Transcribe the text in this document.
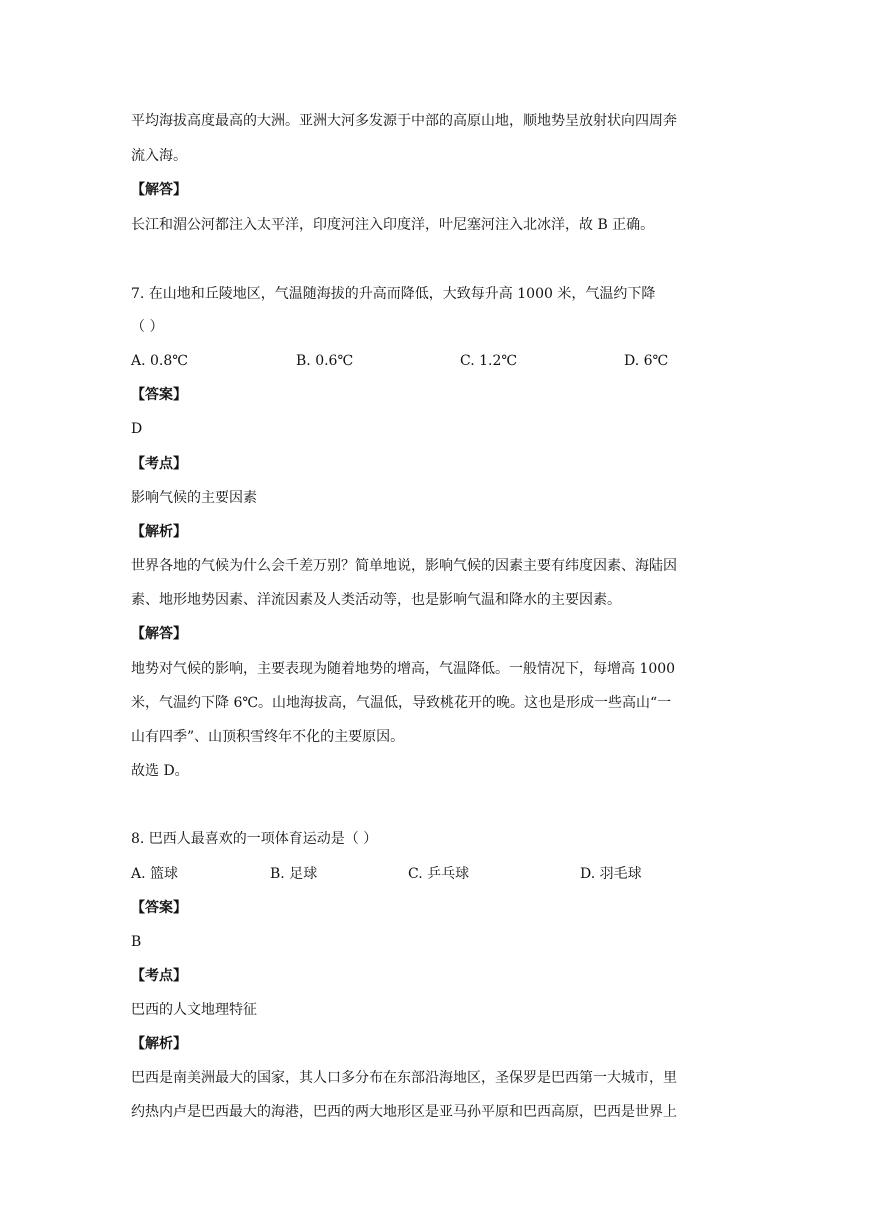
平均海拔高度最高的大洲。亚洲大河多发源于中部的高原山地，顺地势呈放射状向四周奔
流入海。
【解答】
长江和湄公河都注入太平洋，印度河注入印度洋，叶尼塞河注入北冰洋，故 B 正确。
7. 在山地和丘陵地区，气温随海拔的升高而降低，大致每升高 1000 米，气温约下降
（ ）
A. 0.8℃	B. 0.6℃	C. 1.2℃	D. 6℃
【答案】
D
【考点】
影响气候的主要因素
【解析】
世界各地的气候为什么会千差万别？简单地说，影响气候的因素主要有纬度因素、海陆因
素、地形地势因素、洋流因素及人类活动等，也是影响气温和降水的主要因素。
【解答】
地势对气候的影响，主要表现为随着地势的增高，气温降低。一般情况下，每增高 1000
米，气温约下降 6℃。山地海拔高，气温低，导致桃花开的晚。这也是形成一些高山“一
山有四季”、山顶积雪终年不化的主要原因。
故选 D。
8. 巴西人最喜欢的一项体育运动是（ ）
A. 篮球	B. 足球	C. 乒乓球	D. 羽毛球
【答案】
B
【考点】
巴西的人文地理特征
【解析】
巴西是南美洲最大的国家，其人口多分布在东部沿海地区，圣保罗是巴西第一大城市，里
约热内卢是巴西最大的海港，巴西的两大地形区是亚马孙平原和巴西高原，巴西是世界上
